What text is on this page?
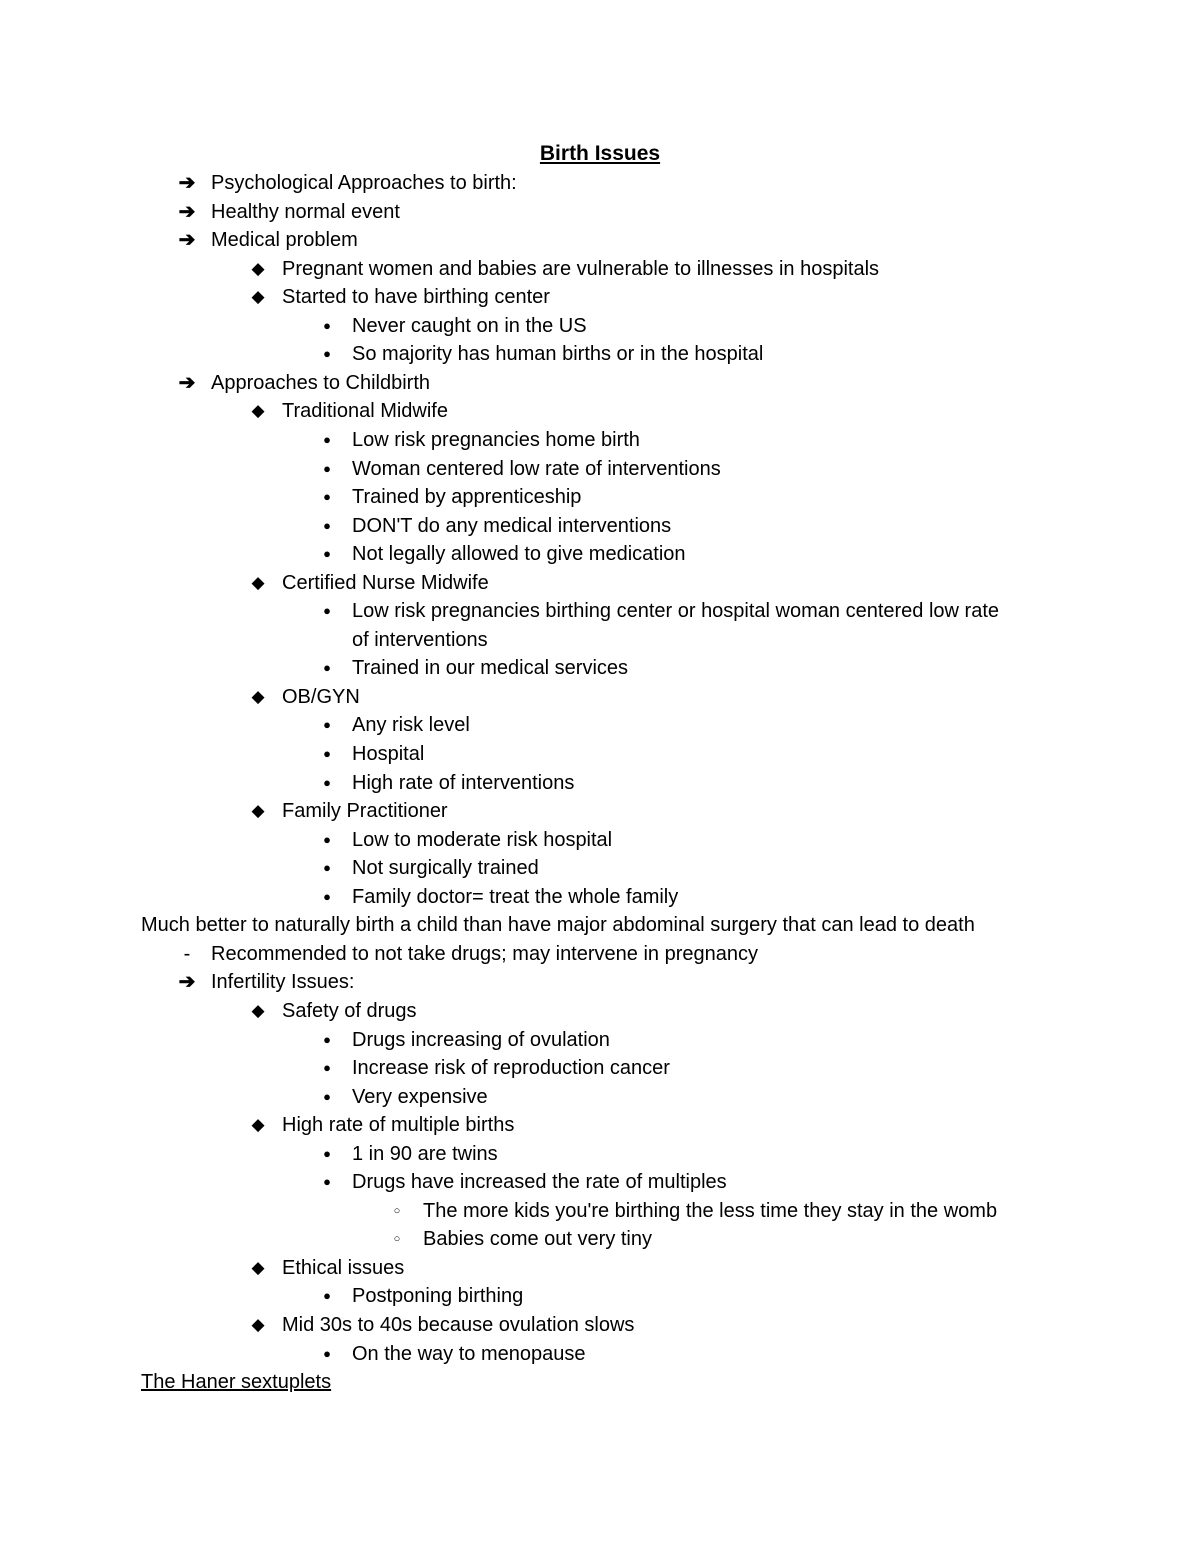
Birth Issues
➔ Psychological Approaches to birth:
➔ Healthy normal event
➔ Medical problem
◆ Pregnant women and babies are vulnerable to illnesses in hospitals
◆ Started to have birthing center
●	Never caught on in the US
●	So majority has human births or in the hospital
➔ Approaches to Childbirth
◆ Traditional Midwife
●	Low risk pregnancies home birth
●	Woman centered low rate of interventions
●	Trained by apprenticeship
●	DON'T do any medical interventions
●	Not legally allowed to give medication
◆ Certified Nurse Midwife
●	Low risk pregnancies birthing center or hospital woman centered low rate
of interventions
●	Trained in our medical services
◆ OB/GYN
●	Any risk level
●	Hospital
●	High rate of interventions
◆ Family Practitioner
●	Low to moderate risk hospital
●	Not surgically trained
●	Family doctor= treat the whole family
Much better to naturally birth a child than have major abdominal surgery that can lead to death
-	Recommended to not take drugs; may intervene in pregnancy
➔ Infertility Issues:
◆ Safety of drugs
●	Drugs increasing of ovulation
●	Increase risk of reproduction cancer
●	Very expensive
◆ High rate of multiple births
●	1 in 90 are twins
●	Drugs have increased the rate of multiples
○	The more kids you're birthing the less time they stay in the womb
○	Babies come out very tiny
◆ Ethical issues
●	Postponing birthing
◆ Mid 30s to 40s because ovulation slows
●	On the way to menopause
The Haner sextuplets
